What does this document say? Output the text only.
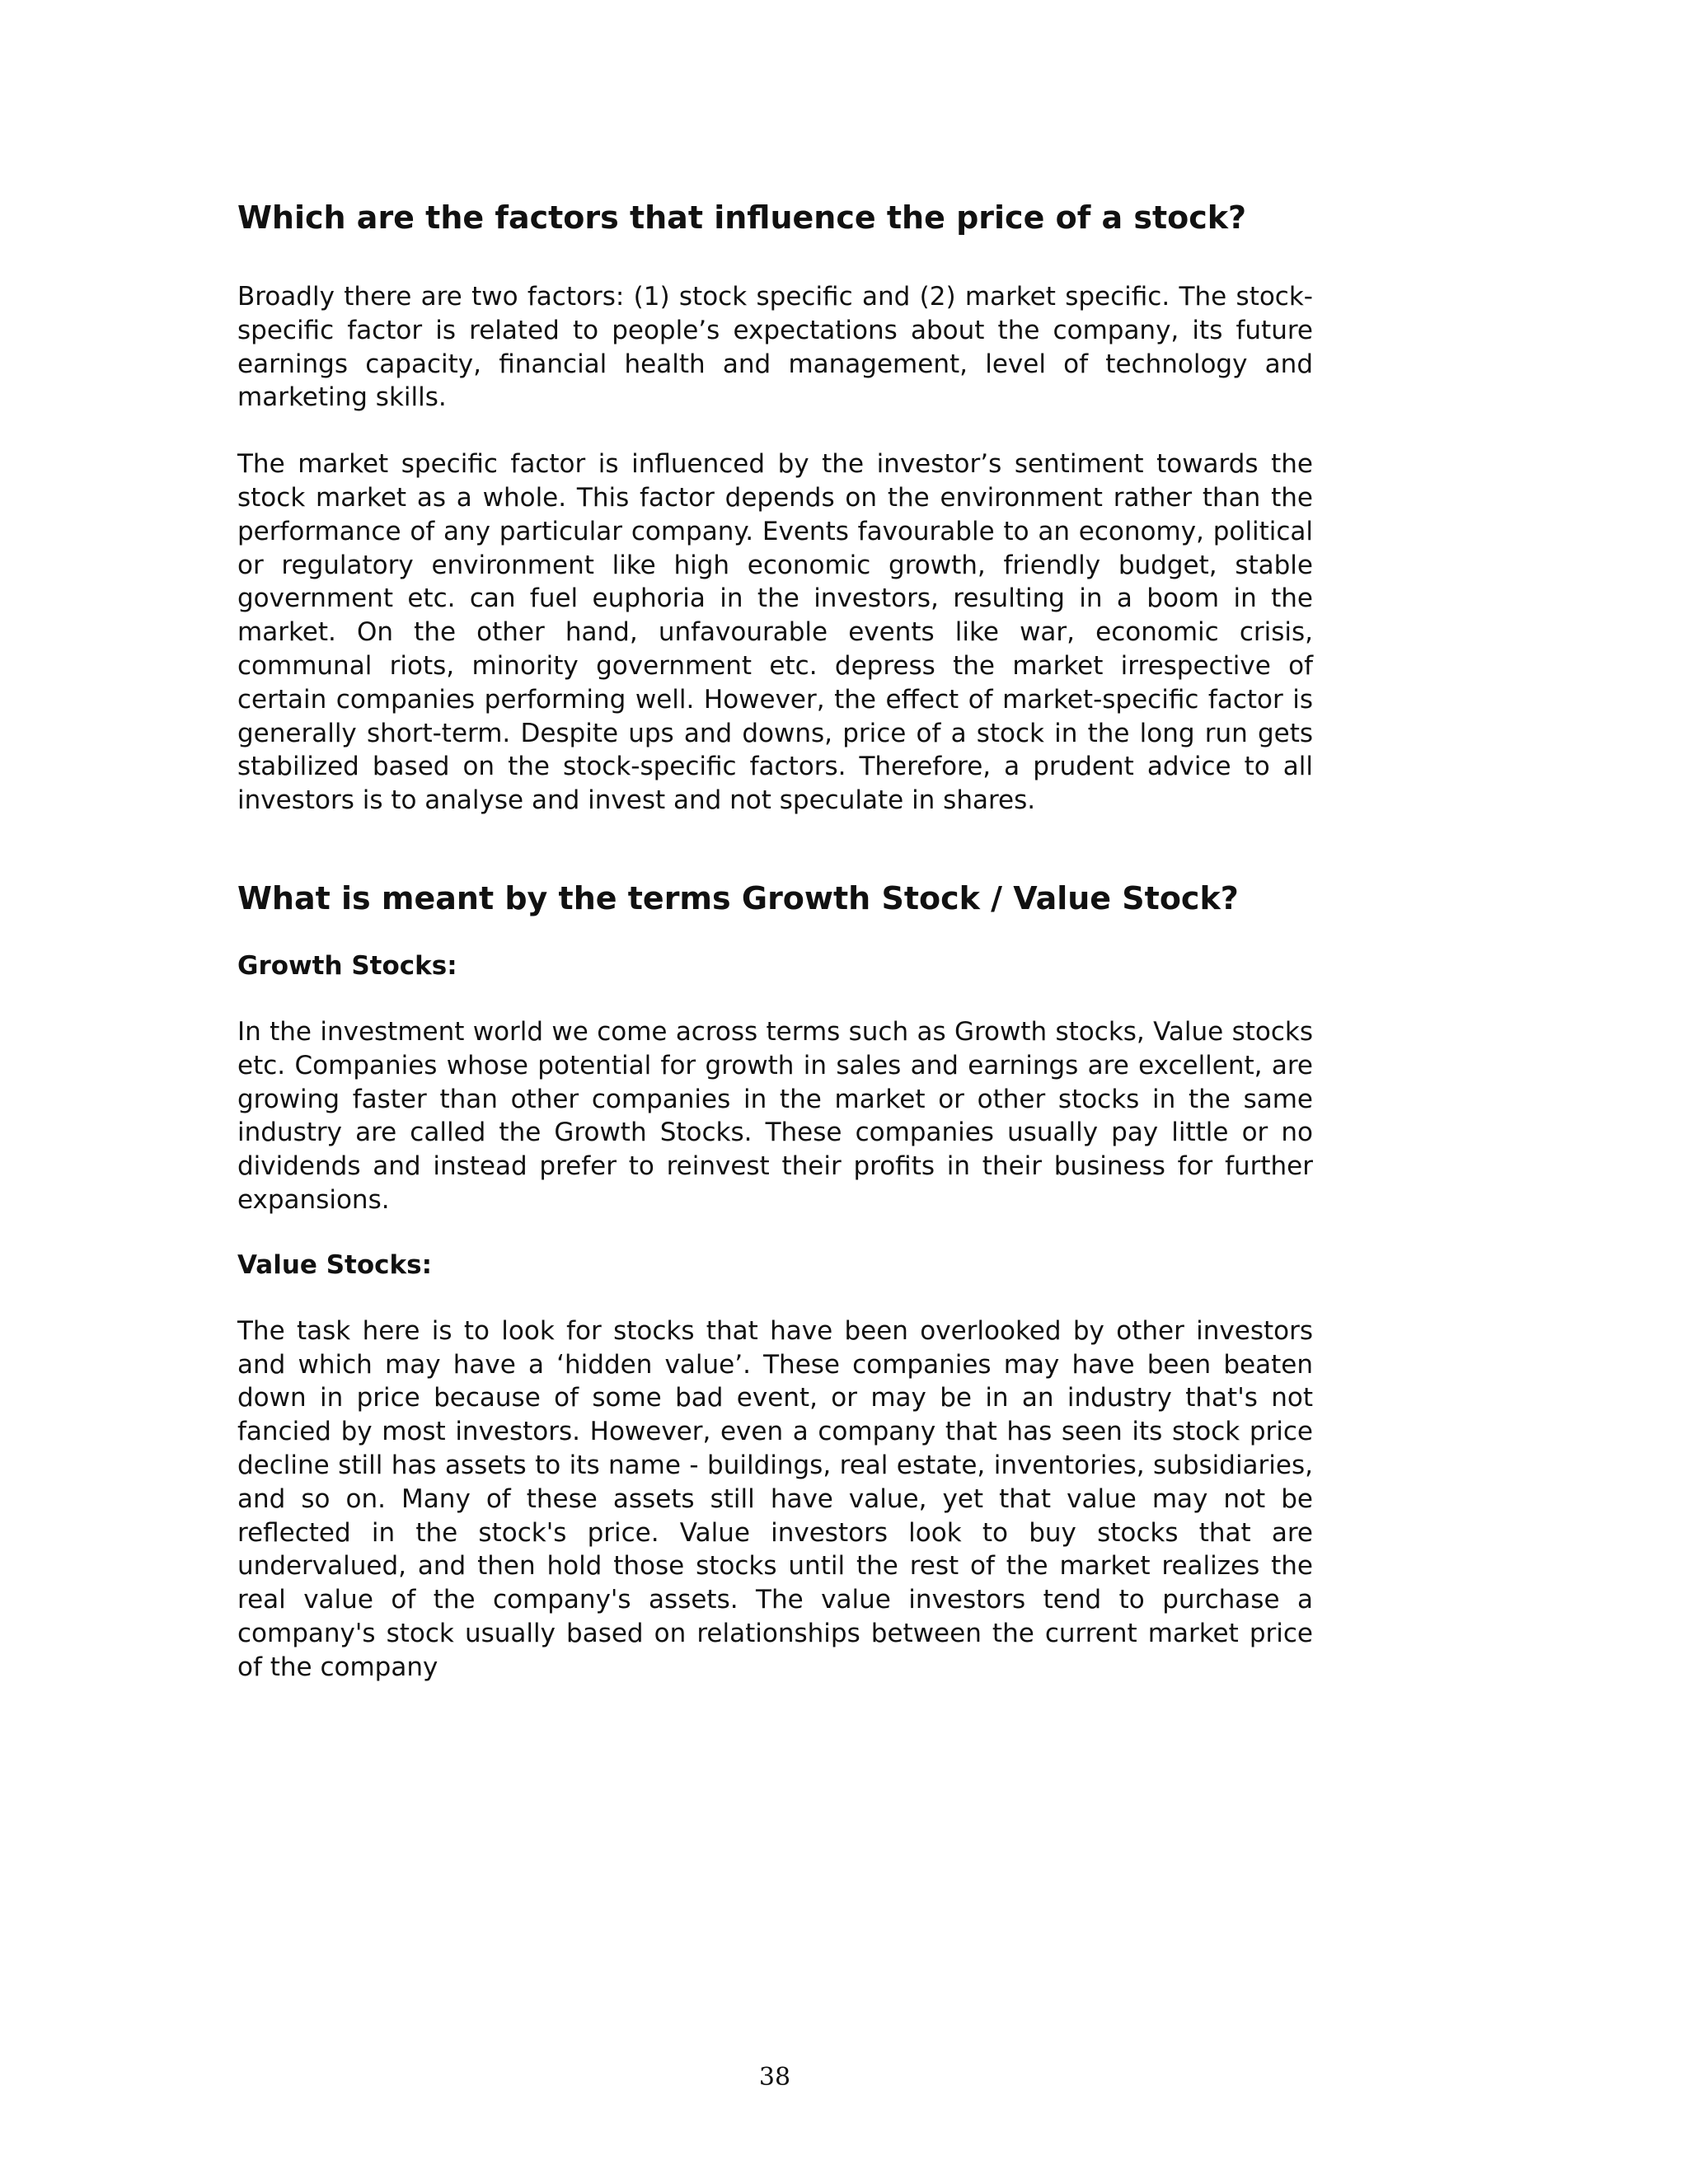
Which are the factors that influence the price of a stock?

Broadly there are two factors: (1) stock specific and (2) market specific. The stock-specific factor is related to people’s expectations about the company, its future earnings capacity, financial health and management, level of technology and marketing skills.

The market specific factor is influenced by the investor’s sentiment towards the stock market as a whole. This factor depends on the environment rather than the performance of any particular company. Events favourable to an economy, political or regulatory environment like high economic growth, friendly budget, stable government etc. can fuel euphoria in the investors, resulting in a boom in the market. On the other hand, unfavourable events like war, economic crisis, communal riots, minority government etc. depress the market irrespective of certain companies performing well. However, the effect of market-specific factor is generally short-term. Despite ups and downs, price of a stock in the long run gets stabilized based on the stock-specific factors. Therefore, a prudent advice to all investors is to analyse and invest and not speculate in shares.

What is meant by the terms Growth Stock / Value Stock?
Growth Stocks:

In the investment world we come across terms such as Growth stocks, Value stocks etc. Companies whose potential for growth in sales and earnings are excellent, are growing faster than other companies in the market or other stocks in the same industry are called the Growth Stocks. These companies usually pay little or no dividends and instead prefer to reinvest their profits in their business for further expansions.

Value Stocks:

The task here is to look for stocks that have been overlooked by other investors and which may have a ‘hidden value’. These companies may have been beaten down in price because of some bad event, or may be in an industry that's not fancied by most investors. However, even a company that has seen its stock price decline still has assets to its name - buildings, real estate, inventories, subsidiaries, and so on. Many of these assets still have value, yet that value may not be reflected in the stock's price. Value investors look to buy stocks that are undervalued, and then hold those stocks until the rest of the market realizes the real value of the company's assets. The value investors tend to purchase a company's stock usually based on relationships between the current market price of the company

38
